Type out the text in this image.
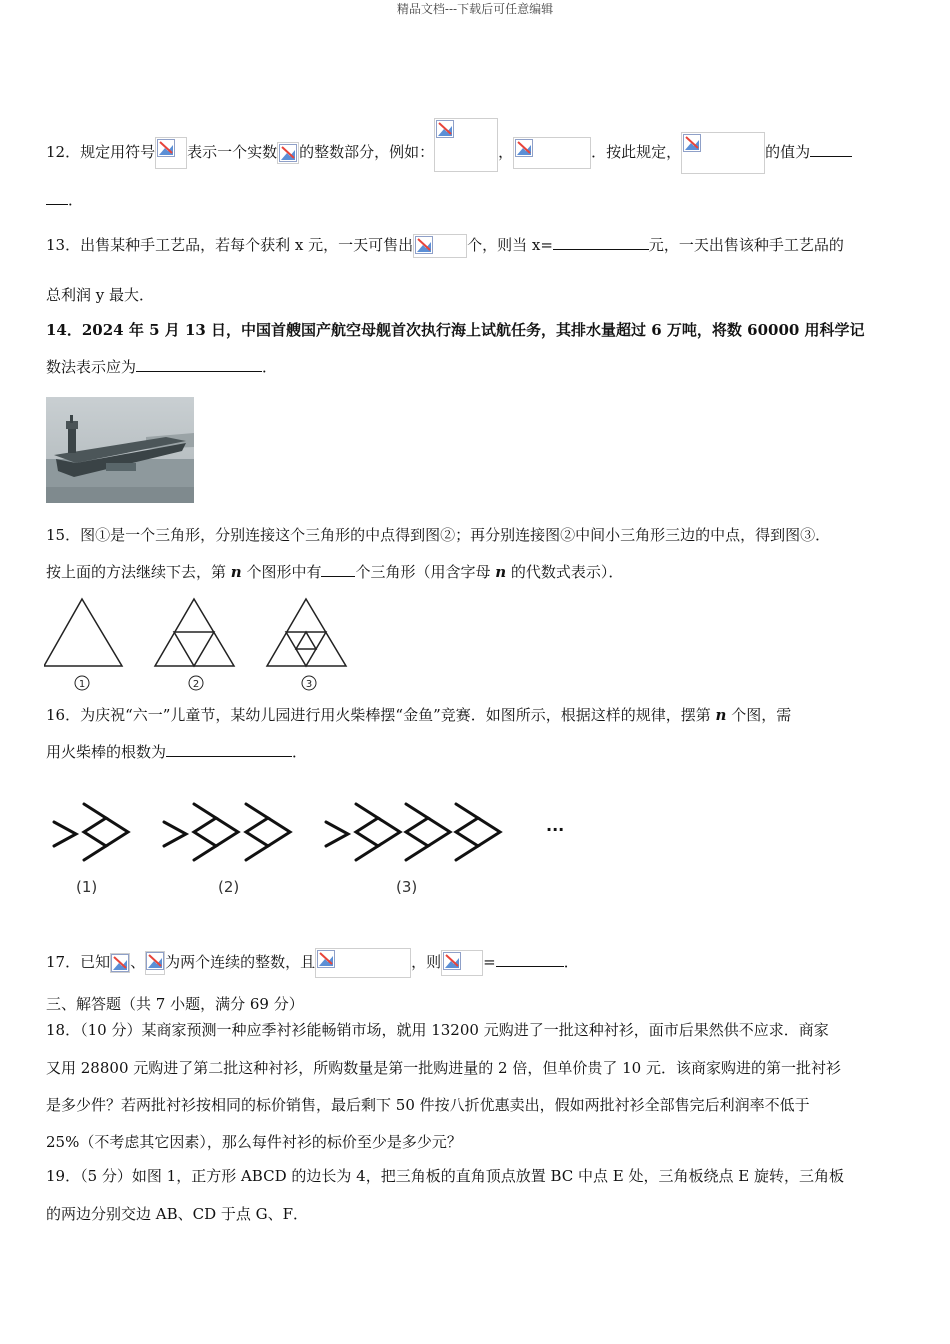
精品文档---下载后可任意编辑
12．规定用符号 表示一个实数 的整数部分，例如：	，	．按此规定，	的值为
．
13．出售某种手工艺品，若每个获利 x 元，一天可售出	个，则当 x=	元，一天出售该种手工艺品的
总利润 y 最大．
14．2024 年 5 月 13 日，中国首艘国产航空母舰首次执行海上试航任务，其排水量超过 6 万吨，将数 60000 用科学记
数法表示应为	．
15．图①是一个三角形，分别连接这个三角形的中点得到图②；再分别连接图②中间小三角形三边的中点，得到图③．
按上面的方法继续下去，第 n 个图形中有 个三角形（用含字母 n 的代数式表示）．
1	2	3
16．为庆祝“六一”儿童节，某幼儿园进行用火柴棒摆“金鱼”竞赛．如图所示，根据这样的规律，摆第 n 个图，需
用火柴棒的根数为	．
(1)	(2)	(3)
···
17．已知 、 为两个连续的整数，且	，则	=	．
三、解答题（共 7 小题，满分 69 分）
18．（10 分）某商家预测一种应季衬衫能畅销市场，就用 13200 元购进了一批这种衬衫，面市后果然供不应求．商家
又用 28800 元购进了第二批这种衬衫，所购数量是第一批购进量的 2 倍，但单价贵了 10 元．该商家购进的第一批衬衫
是多少件？若两批衬衫按相同的标价销售，最后剩下 50 件按八折优惠卖出，假如两批衬衫全部售完后利润率不低于
25%（不考虑其它因素），那么每件衬衫的标价至少是多少元？
19．（5 分）如图 1，正方形 ABCD 的边长为 4，把三角板的直角顶点放置 BC 中点 E 处，三角板绕点 E 旋转，三角板
的两边分别交边 AB、CD 于点 G、F．
